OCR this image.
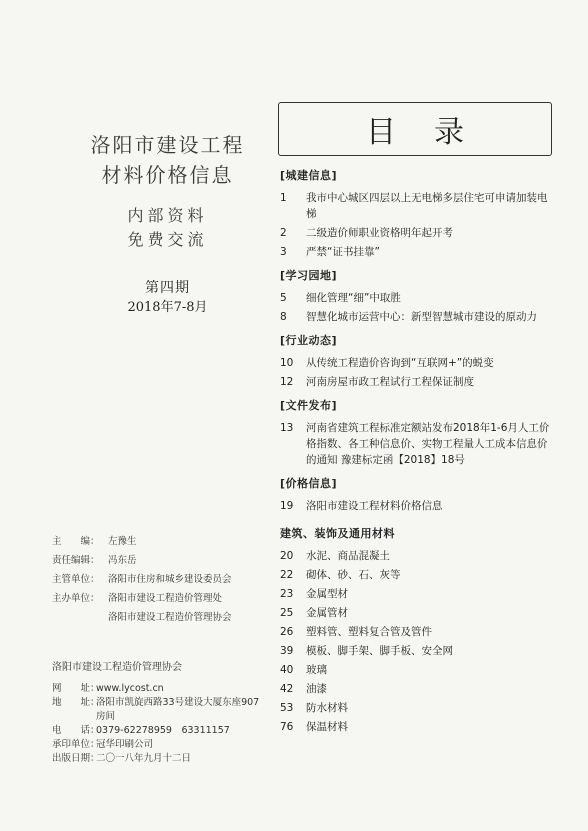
洛阳市建设工程
材料价格信息
内部资料
免费交流
第四期
2018年7-8月
主　　编： 左豫生
责任编辑： 冯东岳
主管单位： 洛阳市住房和城乡建设委员会
主办单位： 洛阳市建设工程造价管理处
洛阳市建设工程造价管理协会
洛阳市建设工程造价管理协会
网　　址：
www.lycost.cn
地　　址：
洛阳市凯旋西路33号建设大厦东座907房间
电　　话：
0379-62278959　63311157
承印单位：
冠华印刷公司
出版日期：
二〇一八年九月十二日
目录
[城建信息]
1	我市中心城区四层以上无电梯多层住宅可申请加装电梯
2	二级造价师职业资格明年起开考
3	严禁“证书挂靠”
[学习园地]
5	细化管理“细”中取胜
8	智慧化城市运营中心：新型智慧城市建设的原动力
[行业动态]
10	从传统工程造价咨询到“互联网+”的蜕变
12	河南房屋市政工程试行工程保证制度
[文件发布]
13	河南省建筑工程标准定额站发布2018年1-6月人工价格指数、各工种信息价、实物工程量人工成本信息价的通知 豫建标定函【2018】18号
[价格信息]
19	洛阳市建设工程材料价格信息
建筑、装饰及通用材料
20	水泥、商品混凝土
22	砌体、砂、石、灰等
23	金属型材
25	金属管材
26	塑料管、塑料复合管及管件
39	模板、脚手架、脚手板、安全网
40	玻璃
42	油漆
53	防水材料
76	保温材料
